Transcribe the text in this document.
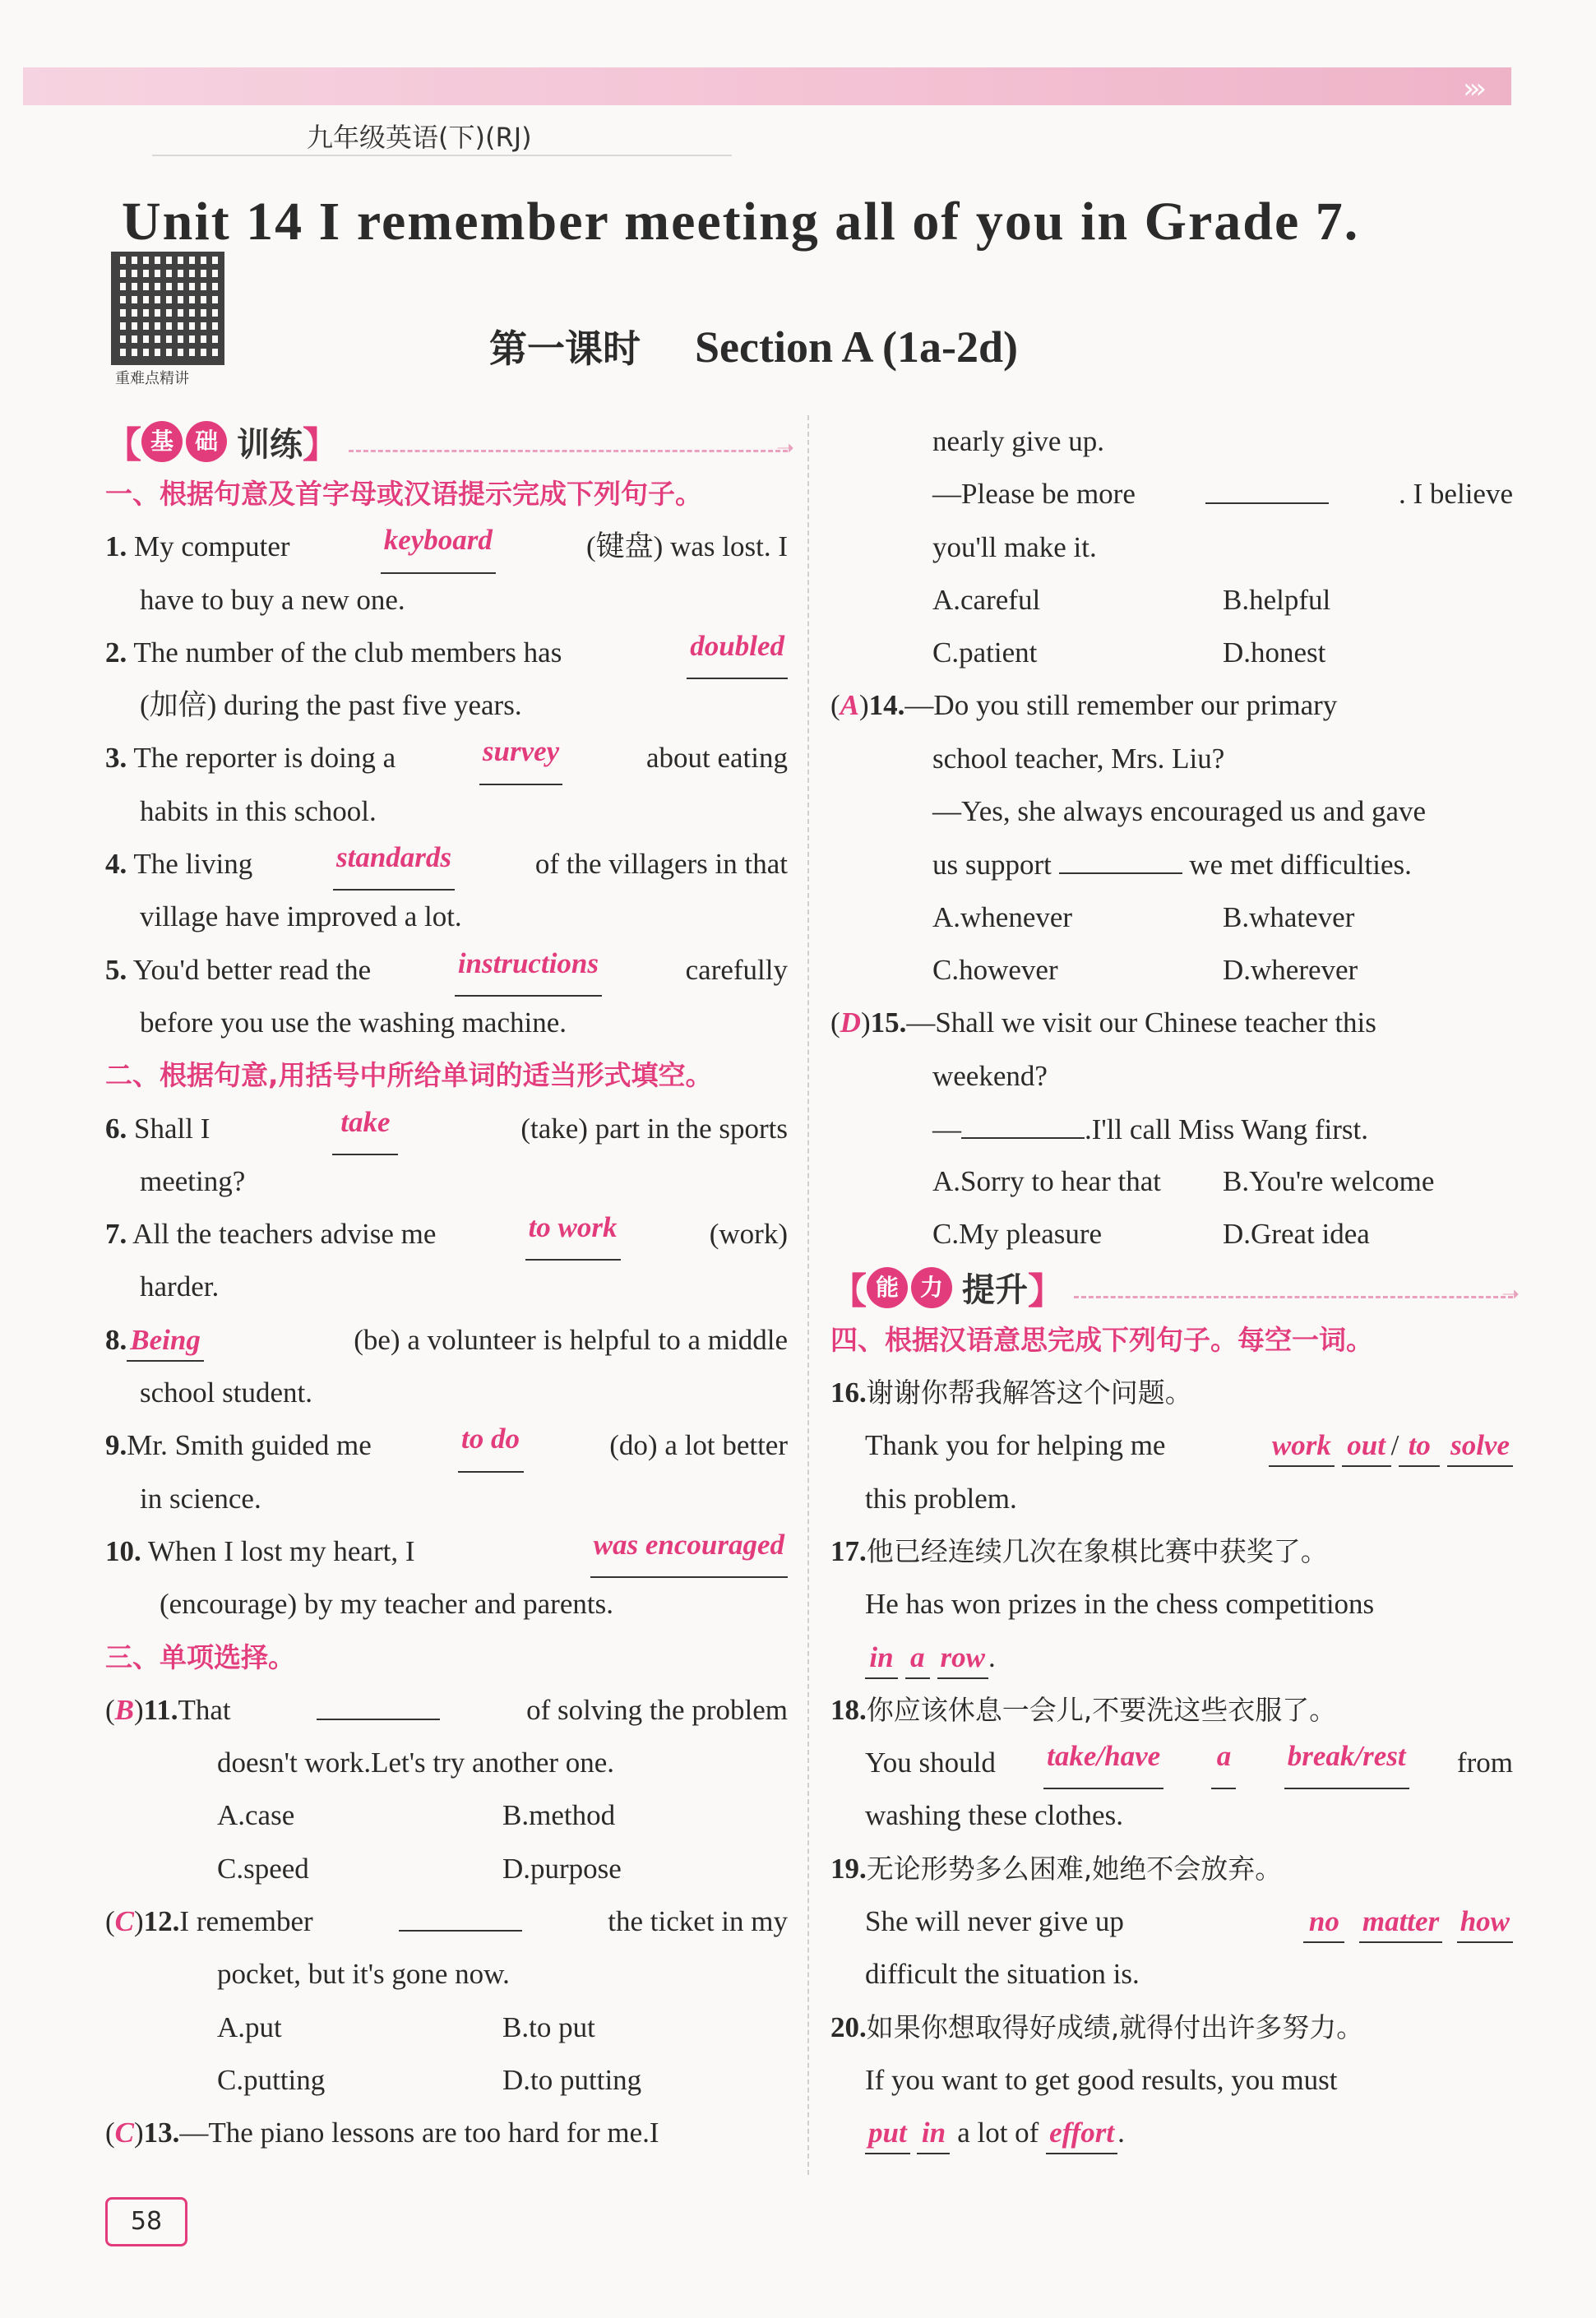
›››
九年级英语(下)(RJ)
Unit 14 I remember meeting all of you in Grade 7.
重难点精讲
第一课时 Section A (1a-2d)
【 基 础 训练 】
➝
一、根据句意及首字母或汉语提示完成下列句子。
1. My computer	keyboard	(键盘) was lost. I
have to buy a new one.
2. The number of the club members has	doubled
(加倍) during the past five years.
3. The reporter is doing a	survey	about eating
habits in this school.
4. The living	standards	of the villagers in that
village have improved a lot.
5. You'd better read the	instructions	carefully
before you use the washing machine.
二、根据句意,用括号中所给单词的适当形式填空。
6. Shall I	take	(take) part in the sports
meeting?
7. All the teachers advise me	to work	(work)
harder.
8. Being	(be) a volunteer is helpful to a middle
school student.
9.Mr. Smith guided me	to do	(do) a lot better
in science.
10. When I lost my heart, I	was encouraged
(encourage) by my teacher and parents.
三、单项选择。
(B)11.That	of solving the problem
doesn't work.Let's try another one.
A.case	B.method
C.speed	D.purpose
(C)12.I remember	the ticket in my
pocket, but it's gone now.
A.put	B.to put
C.putting	D.to putting
(C)13.—The piano lessons are too hard for me.I
nearly give up.
—Please be more	. I believe
you'll make it.
A.careful	B.helpful
C.patient	D.honest
(A)14.—Do you still remember our primary
school teacher, Mrs. Liu?
—Yes, she always encouraged us and gave
us support	we met difficulties.
A.whenever	B.whatever
C.however	D.wherever
(D)15.—Shall we visit our Chinese teacher this
weekend?
—	.I'll call Miss Wang first.
A.Sorry to hear that	B.You're welcome
C.My pleasure	D.Great idea
【 能 力 提升 】
➝
四、根据汉语意思完成下列句子。每空一词。
16.谢谢你帮我解答这个问题。
Thank you for helping me	work out / to solve
this problem.
17.他已经连续几次在象棋比赛中获奖了。
He has won prizes in the chess competitions
in a row .
18.你应该休息一会儿,不要洗这些衣服了。
You should take/have a break/rest from
washing these clothes.
19.无论形势多么困难,她绝不会放弃。
She will never give up	no matter how
difficult the situation is.
20.如果你想取得好成绩,就得付出许多努力。
If you want to get good results, you must
put in a lot of effort .
58
